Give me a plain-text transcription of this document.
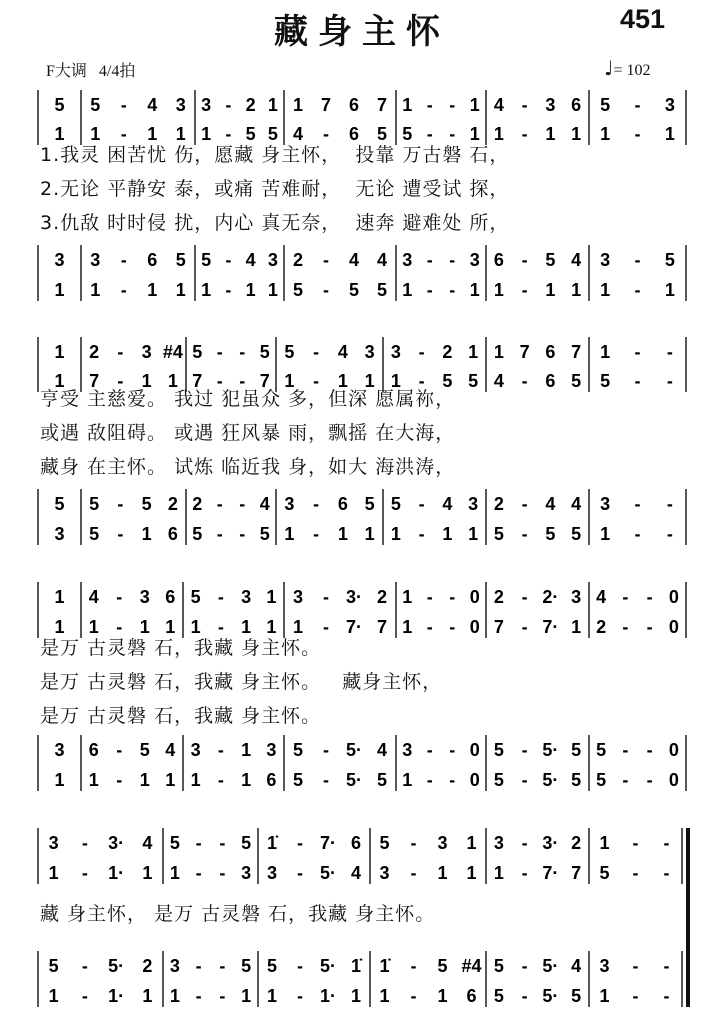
藏身主怀	451
F大调 4/4拍	♩= 102
5 5 - 4 3 3 - 2 1 1 7 6 7 1 - - 1 4 - 3 6 5 - 3
1 1 - 1 1 1 - 5 5 4 - 6 5 5 - - 1 1 - 1 1 1 - 1
3 3 - 6 5 5 - 4 3 2 - 4 4 3 - - 3 6 - 5 4 3 - 5
1 1 - 1 1 1 - 1 1 5 - 5 5 1 - - 1 1 - 1 1 1 - 1
1 2 - 3 #4 5 - - 5 5 - 4 3 3 - 2 1 1 7 6 7 1 - -
1 7 - 1 1 7 - - 7 1 - 1 1 1 - 5 5 4 - 6 5 5 - -
5 5 - 5 2 2 - - 4 3 - 6 5 5 - 4 3 2 - 4 4 3 - -
3 5 - 1 6 5 - - 5 1 - 1 1 1 - 1 1 5 - 5 5 1 - -
1 4 - 3 6 5 - 3 1 3 - 3· 2 1 - - 0 2 - 2· 3 4 - - 0
1 1 - 1 1 1 - 1 1 1 - 7· 7 1 - - 0 7 - 7· 1 2 - - 0
3 6 - 5 4 3 - 1 3 5 - 5· 4 3 - - 0 5 - 5· 5 5 - - 0
1 1 - 1 1 1 - 1 6 5 - 5· 5 1 - - 0 5 - 5· 5 5 - - 0
3 - 3· 4 5 - - 5 1̇ - 7· 6 5 - 3 1 3 - 3· 2 1 - -
1 - 1· 1 1 - - 3 3 - 5· 4 3 - 1 1 1 - 7· 7 5 - -
5 - 5· 2 3 - - 5 5 - 5· 1̇ 1̇ - 5 #4 5 - 5· 4 3 - -
1 - 1· 1 1 - - 1 1 - 1· 1 1 - 1 6 5 - 5· 5 1 - -
1.我灵 困苦忧 伤，愿藏 身主怀，  投靠 万古磐 石，
2.无论 平静安 泰，或痛 苦难耐，  无论 遭受试 探，
3.仇敌 时时侵 扰，内心 真无奈，  速奔 避难处 所，
亨受 主慈爱。 我过 犯虽众 多，但深 愿属祢，
或遇 敌阻碍。 或遇 狂风暴 雨，飘摇 在大海，
藏身 在主怀。 试炼 临近我 身，如大 海洪涛，
是万 古灵磐 石，我藏 身主怀。
是万 古灵磐 石，我藏 身主怀。   藏身主怀，
是万 古灵磐 石，我藏 身主怀。
藏 身主怀， 是万 古灵磐 石，我藏 身主怀。
